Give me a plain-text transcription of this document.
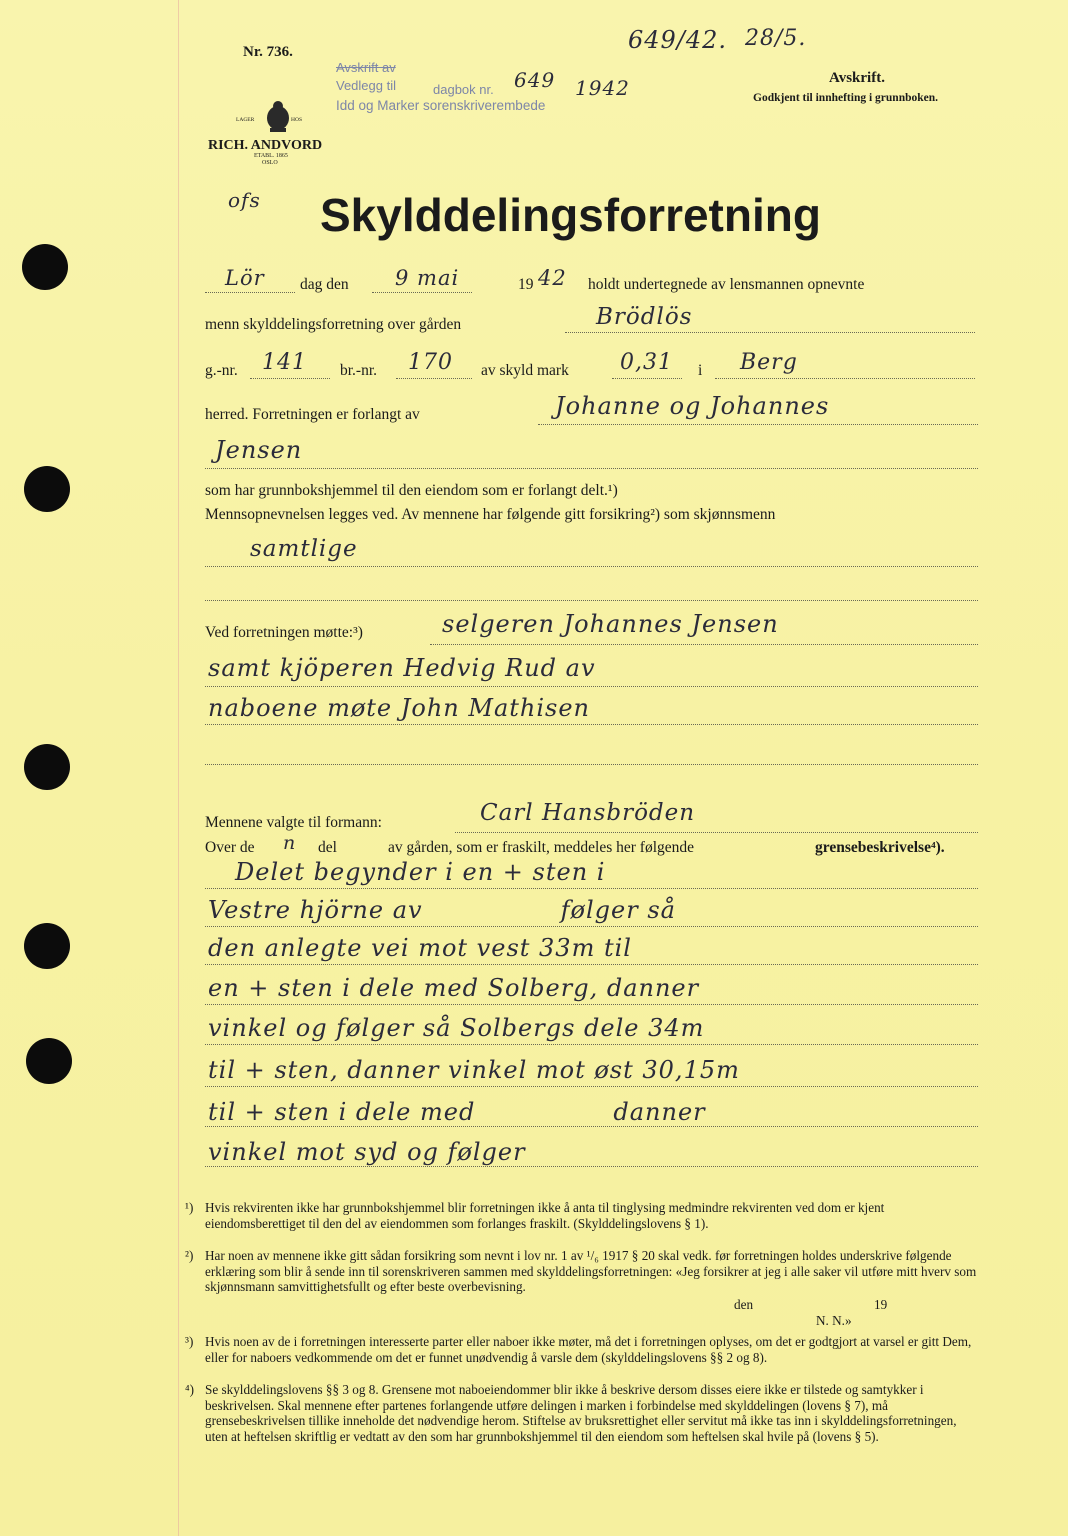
Nr. 736.
LAGER	HOS
RICH. ANDVORD
ETABL. 1865
OSLO
Avskrift av
Vedlegg til	dagbok nr. 649 1942
Idd og Marker sorenskriverembede
649/42. 28/5.
Avskrift.
Godkjent til innhefting i grunnboken.
ofs Skylddelingsforretning
Lör dag den 9 mai	19 42 holdt undertegnede av lensmannen opnevnte
menn skylddelingsforretning over gården	Brödlös
g.-nr. 141 br.-nr. 170 av skyld mark 0,31 i Berg
herred. Forretningen er forlangt av	Johanne og Johannes
Jensen
som har grunnbokshjemmel til den eiendom som er forlangt delt.¹)
Mennsopnevnelsen legges ved. Av mennene har følgende gitt forsikring²) som skjønnsmenn
samtlige
Ved forretningen møtte:³)	selgeren Johannes Jensen
samt kjöperen Hedvig Rud av
naboene møte John Mathisen
Mennene valgte til formann:	Carl Hansbröden
Over de n del	av gården, som er fraskilt, meddeles her følgende	grensebeskrivelse⁴).
Delet begynder i en + sten i
Vestre hjörne av                følger så
den anlegte vei mot vest 33m til
en + sten i dele med Solberg, danner
vinkel og følger så Solbergs dele 34m
til + sten, danner vinkel mot øst 30,15m
til + sten i dele med                danner
vinkel mot syd og følger
¹) Hvis rekvirenten ikke har grunnbokshjemmel blir forretningen ikke å anta til tinglysing medmindre rekvirenten ved dom er kjent eiendomsberettiget til den del av eiendommen som forlanges fraskilt. (Skylddelingslovens § 1).
²) Har noen av mennene ikke gitt sådan forsikring som nevnt i lov nr. 1 av ¹/₆ 1917 § 20 skal vedk. før forretningen holdes underskrive følgende erklæring som blir å sende inn til sorenskriveren sammen med skylddelingsforretningen: «Jeg forsikrer at jeg i alle saker vil utføre mitt hverv som skjønnsmann samvittighetsfullt og efter beste overbevisning.
den	19
N. N.»
³) Hvis noen av de i forretningen interesserte parter eller naboer ikke møter, må det i forretningen oplyses, om det er godtgjort at varsel er gitt Dem, eller for naboers vedkommende om det er funnet unødvendig å varsle dem (skylddelingslovens §§ 2 og 8).
⁴) Se skylddelingslovens §§ 3 og 8. Grensene mot naboeiendommer blir ikke å beskrive dersom disses eiere ikke er tilstede og samtykker i beskrivelsen. Skal mennene efter partenes forlangende utføre delingen i marken i forbindelse med skylddelingen (lovens § 7), må grensebeskrivelsen tillike inneholde det nødvendige herom. Stiftelse av bruksrettighet eller servitut må ikke tas inn i skylddelingsforretningen, uten at heftelsen skriftlig er vedtatt av den som har grunnbokshjemmel til den eiendom som heftelsen skal hvile på (lovens § 5).
